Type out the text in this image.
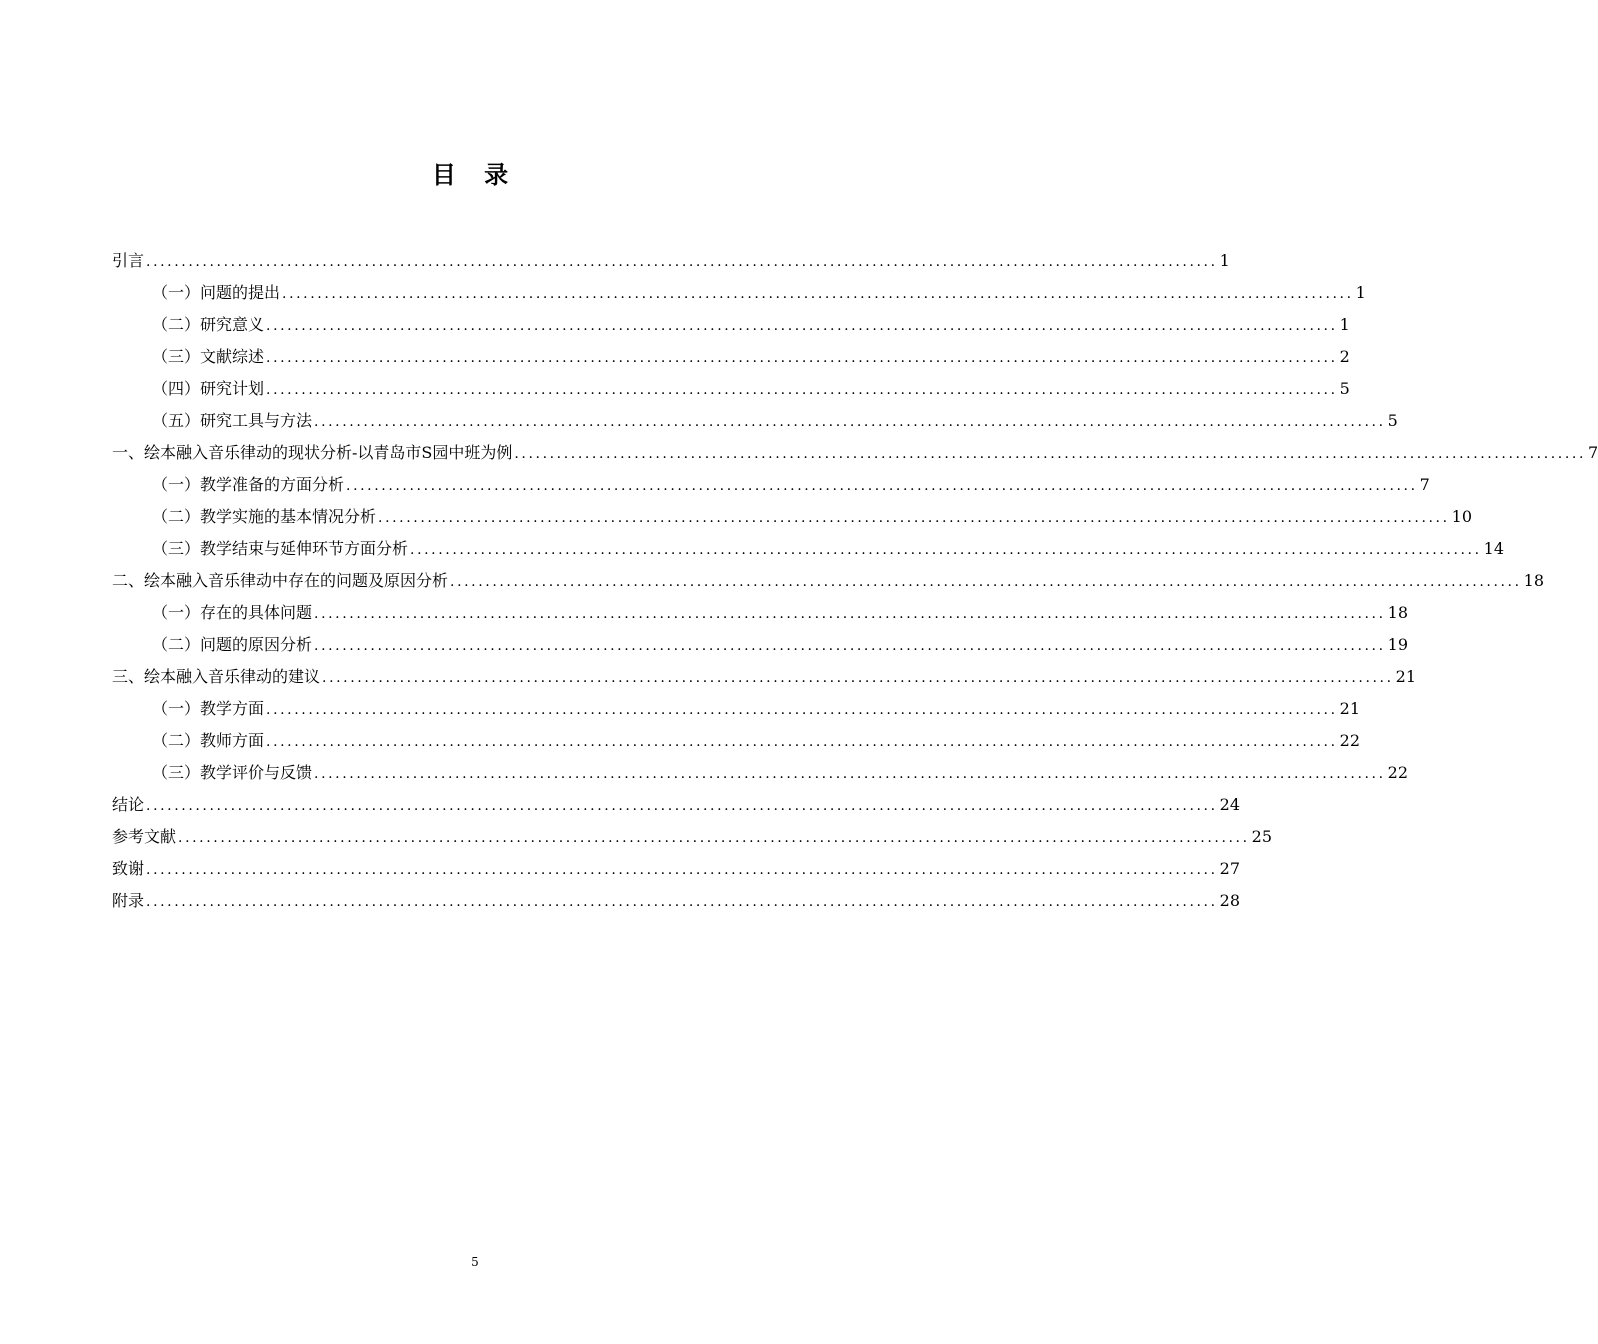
目 录
引言 ........................................................................................................................................................ 1
（一）问题的提出 ........................................................................................................................................................ 1
（二）研究意义 ........................................................................................................................................................ 1
（三）文献综述 ........................................................................................................................................................ 2
（四）研究计划 ........................................................................................................................................................ 5
（五）研究工具与方法 ........................................................................................................................................................ 5
一、绘本融入音乐律动的现状分析-以青岛市S园中班为例 ........................................................................................................................................................ 7
（一）教学准备的方面分析 ........................................................................................................................................................ 7
（二）教学实施的基本情况分析 ........................................................................................................................................................ 10
（三）教学结束与延伸环节方面分析 ........................................................................................................................................................ 14
二、绘本融入音乐律动中存在的问题及原因分析 ........................................................................................................................................................ 18
（一）存在的具体问题 ........................................................................................................................................................ 18
（二）问题的原因分析 ........................................................................................................................................................ 19
三、绘本融入音乐律动的建议 ........................................................................................................................................................ 21
（一）教学方面 ........................................................................................................................................................ 21
（二）教师方面 ........................................................................................................................................................ 22
（三）教学评价与反馈 ........................................................................................................................................................ 22
结论 ........................................................................................................................................................ 24
参考文献 ........................................................................................................................................................ 25
致谢 ........................................................................................................................................................ 27
附录 ........................................................................................................................................................ 28
5
